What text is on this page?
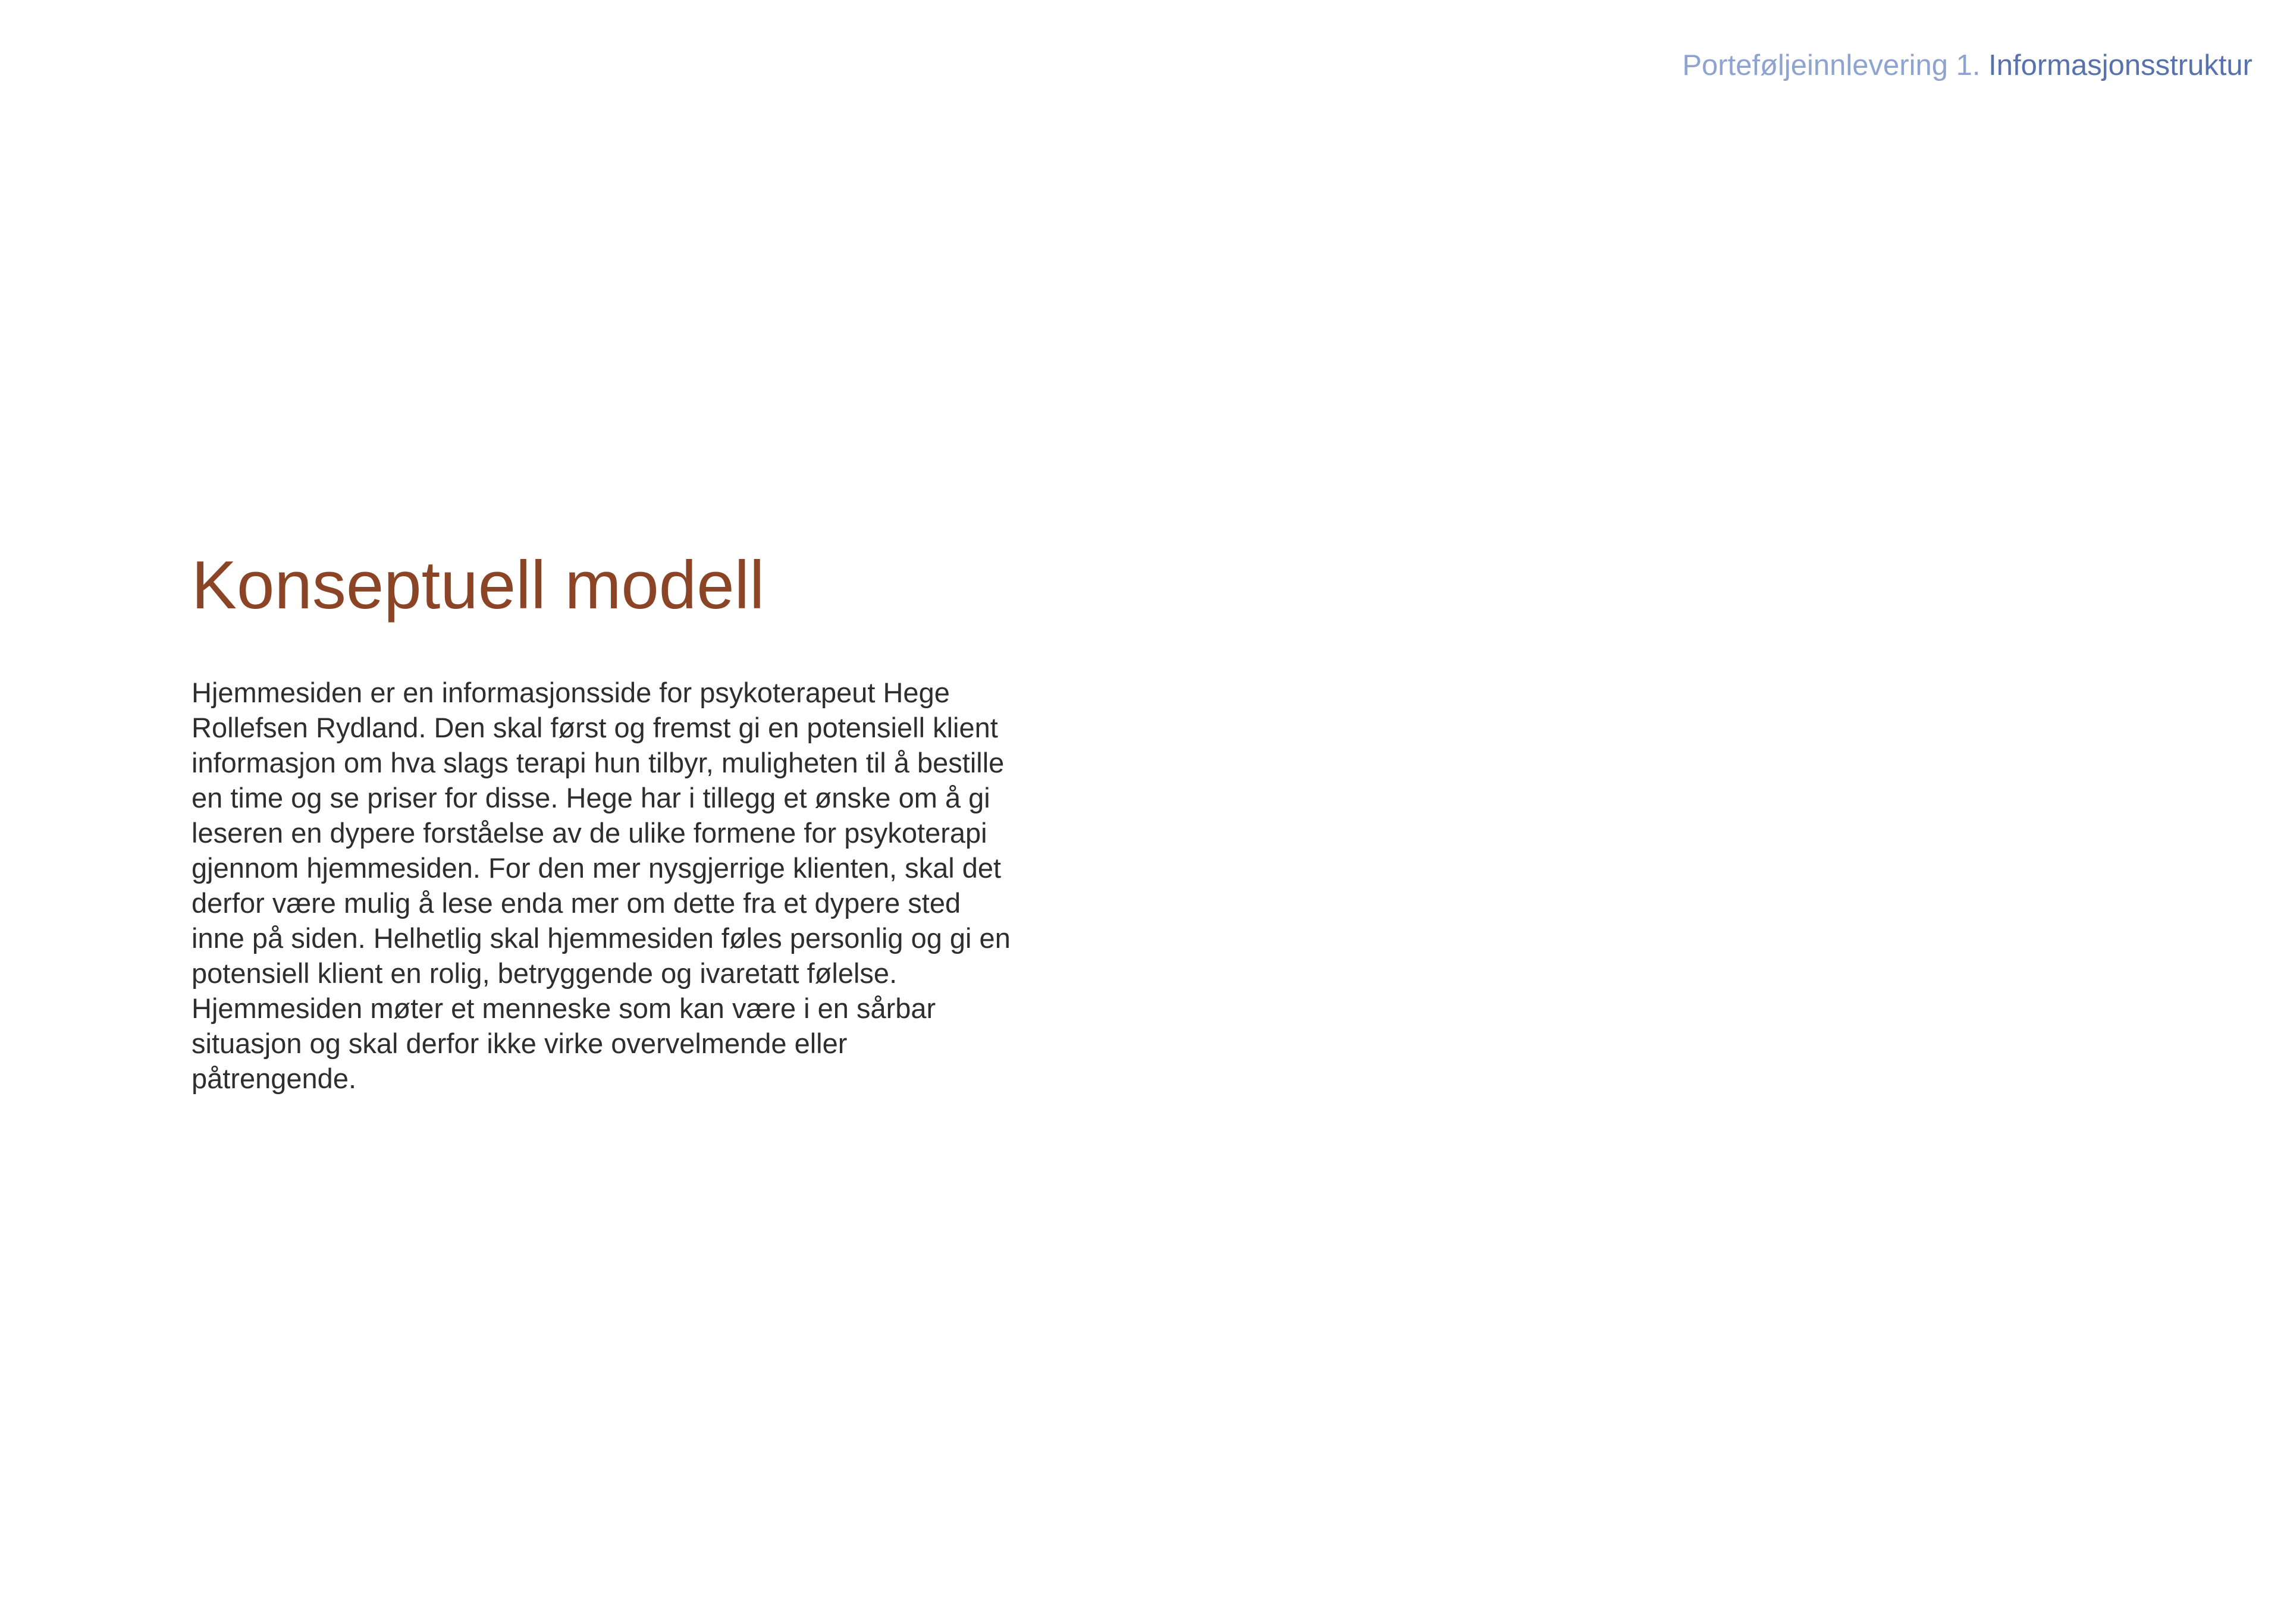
Porteføljeinnlevering 1. Informasjonsstruktur
Konseptuell modell

Hjemmesiden er en informasjonsside for psykoterapeut Hege
Rollefsen Rydland. Den skal først og fremst gi en potensiell klient
informasjon om hva slags terapi hun tilbyr, muligheten til å bestille
en time og se priser for disse. Hege har i tillegg et ønske om å gi
leseren en dypere forståelse av de ulike formene for psykoterapi
gjennom hjemmesiden. For den mer nysgjerrige klienten, skal det
derfor være mulig å lese enda mer om dette fra et dypere sted
inne på siden. Helhetlig skal hjemmesiden føles personlig og gi en
potensiell klient en rolig, betryggende og ivaretatt følelse.
Hjemmesiden møter et menneske som kan være i en sårbar
situasjon og skal derfor ikke virke overvelmende eller
påtrengende.
